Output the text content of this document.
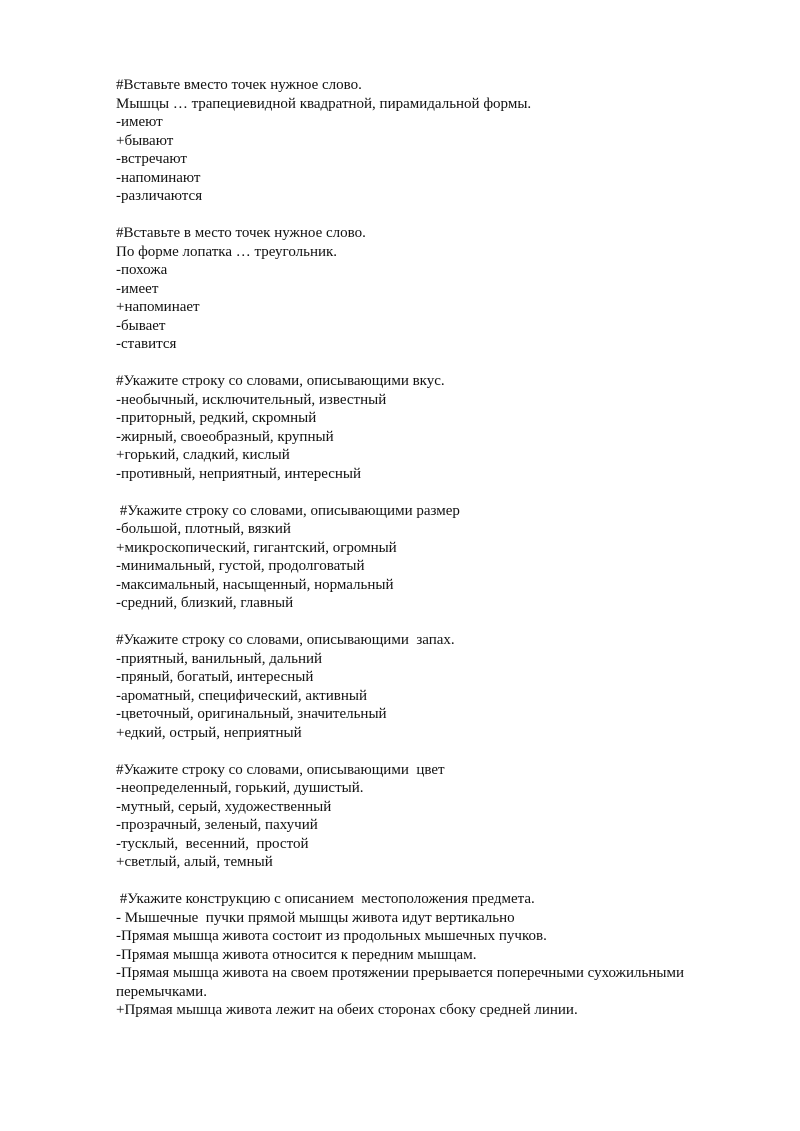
#Вставьте вместо точек нужное слово.
Мышцы … трапециевидной квадратной, пирамидальной формы.
-имеют
+бывают
-встречают
-напоминают
-различаются
#Вставьте в место точек нужное слово.
По форме лопатка … треугольник.
-похожа
-имеет
+напоминает
-бывает
-ставится
#Укажите строку со словами, описывающими вкус.
-необычный, исключительный, известный
-приторный, редкий, скромный
-жирный, своеобразный, крупный
+горький, сладкий, кислый
-противный, неприятный, интересный
#Укажите строку со словами, описывающими размер
-большой, плотный, вязкий
+микроскопический, гигантский, огромный
-минимальный, густой, продолговатый
-максимальный, насыщенный, нормальный
-средний, близкий, главный
#Укажите строку со словами, описывающими  запах.
-приятный, ванильный, дальний
-пряный, богатый, интересный
-ароматный, специфический, активный
-цветочный, оригинальный, значительный
+едкий, острый, неприятный
#Укажите строку со словами, описывающими  цвет
-неопределенный, горький, душистый.
-мутный, серый, художественный
-прозрачный, зеленый, пахучий
-тусклый,  весенний,  простой
+светлый, алый, темный
#Укажите конструкцию с описанием  местоположения предмета.
- Мышечные  пучки прямой мышцы живота идут вертикально
-Прямая мышца живота состоит из продольных мышечных пучков.
-Прямая мышца живота относится к передним мышцам.
-Прямая мышца живота на своем протяжении прерывается поперечными сухожильными перемычками.
+Прямая мышца живота лежит на обеих сторонах сбоку средней линии.
